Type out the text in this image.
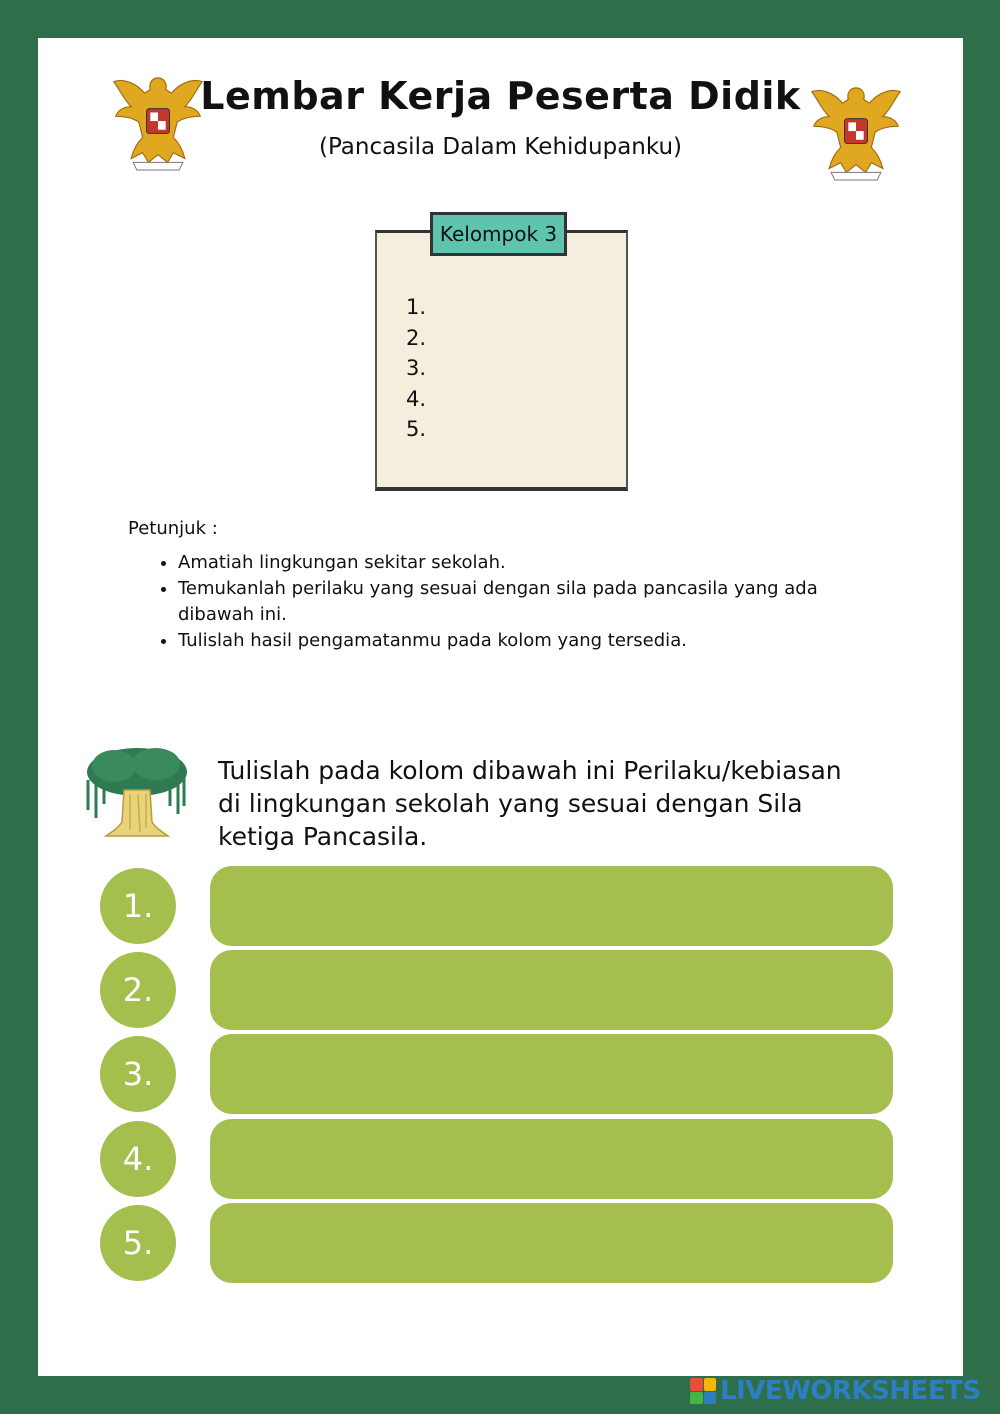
Lembar Kerja Peserta Didik
(Pancasila Dalam Kehidupanku)
Kelompok 3
1.
2.
3.
4.
5.
Petunjuk :
• Amatiah lingkungan sekitar sekolah.
• Temukanlah perilaku yang sesuai dengan sila pada pancasila yang ada dibawah ini.
• Tulislah hasil pengamatanmu pada kolom yang tersedia.
Tulislah pada kolom dibawah ini Perilaku/kebiasan di lingkungan sekolah yang sesuai dengan Sila ketiga Pancasila.
1.
2.
3.
4.
5.
LIVEWORKSHEETS
